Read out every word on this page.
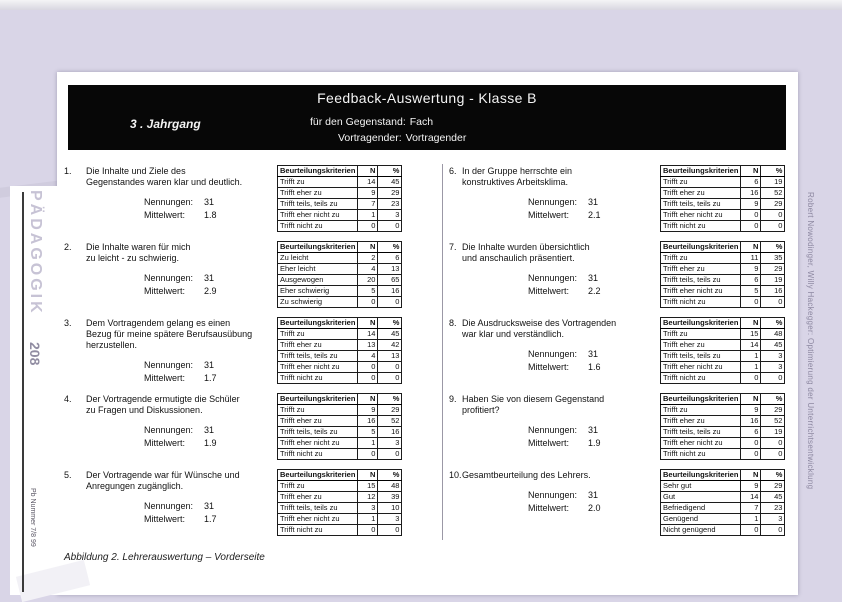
PÄDAGOGIK
208
Pb Nummer 7/8 99
Robert Nowodinger, Willy Hackegger: Optimierung der Unterrichtsentwicklung
Feedback-Auswertung - Klasse B
3 . Jahrgang	für den Gegenstand: Fach
Vortragender: Vortragender
1.	Die Inhalte und Ziele des
Gegenstandes waren klar und deutlich.
Nennungen:	31
Mittelwert:	1.8
Beurteilungskriterien	N	%
Trifft zu	14	45
Trifft eher zu	9	29
Trifft teils, teils zu	7	23
Trifft eher nicht zu	1	3
Trifft nicht zu	0	0
2.	Die Inhalte waren für mich
zu leicht - zu schwierig.
Nennungen:	31
Mittelwert:	2.9
Beurteilungskriterien	N	%
Zu leicht	2	6
Eher leicht	4	13
Ausgewogen	20	65
Eher schwierig	5	16
Zu schwierig	0	0
3.	Dem Vortragendem gelang es einen
Bezug für meine spätere Berufsausübung
herzustellen.
Nennungen:	31
Mittelwert:	1.7
Beurteilungskriterien	N	%
Trifft zu	14	45
Trifft eher zu	13	42
Trifft teils, teils zu	4	13
Trifft eher nicht zu	0	0
Trifft nicht zu	0	0
4.	Der Vortragende ermutigte die Schüler
zu Fragen und Diskussionen.
Nennungen:	31
Mittelwert:	1.9
Beurteilungskriterien	N	%
Trifft zu	9	29
Trifft eher zu	16	52
Trifft teils, teils zu	5	16
Trifft eher nicht zu	1	3
Trifft nicht zu	0	0
5.	Der Vortragende war für Wünsche und
Anregungen zugänglich.
Nennungen:	31
Mittelwert:	1.7
Beurteilungskriterien	N	%
Trifft zu	15	48
Trifft eher zu	12	39
Trifft teils, teils zu	3	10
Trifft eher nicht zu	1	3
Trifft nicht zu	0	0
6. In der Gruppe herrschte ein
konstruktives Arbeitsklima.
Nennungen:	31
Mittelwert:	2.1
Beurteilungskriterien	N	%
Trifft zu	6	19
Trifft eher zu	16	52
Trifft teils, teils zu	9	29
Trifft eher nicht zu	0	0
Trifft nicht zu	0	0
7. Die Inhalte wurden übersichtlich
und anschaulich präsentiert.
Nennungen:	31
Mittelwert:	2.2
Beurteilungskriterien	N	%
Trifft zu	11	35
Trifft eher zu	9	29
Trifft teils, teils zu	6	19
Trifft eher nicht zu	5	16
Trifft nicht zu	0	0
8. Die Ausdrucksweise des Vortragenden
war klar und verständlich.
Nennungen:	31
Mittelwert:	1.6
Beurteilungskriterien	N	%
Trifft zu	15	48
Trifft eher zu	14	45
Trifft teils, teils zu	1	3
Trifft eher nicht zu	1	3
Trifft nicht zu	0	0
9. Haben Sie von diesem Gegenstand
profitiert?
Nennungen:	31
Mittelwert:	1.9
Beurteilungskriterien	N	%
Trifft zu	9	29
Trifft eher zu	16	52
Trifft teils, teils zu	6	19
Trifft eher nicht zu	0	0
Trifft nicht zu	0	0
10. Gesamtbeurteilung des Lehrers.
Nennungen:	31
Mittelwert:	2.0
Beurteilungskriterien	N	%
Sehr gut	9	29
Gut	14	45
Befriedigend	7	23
Genügend	1	3
Nicht genügend	0	0
Abbildung 2. Lehrerauswertung – Vorderseite
